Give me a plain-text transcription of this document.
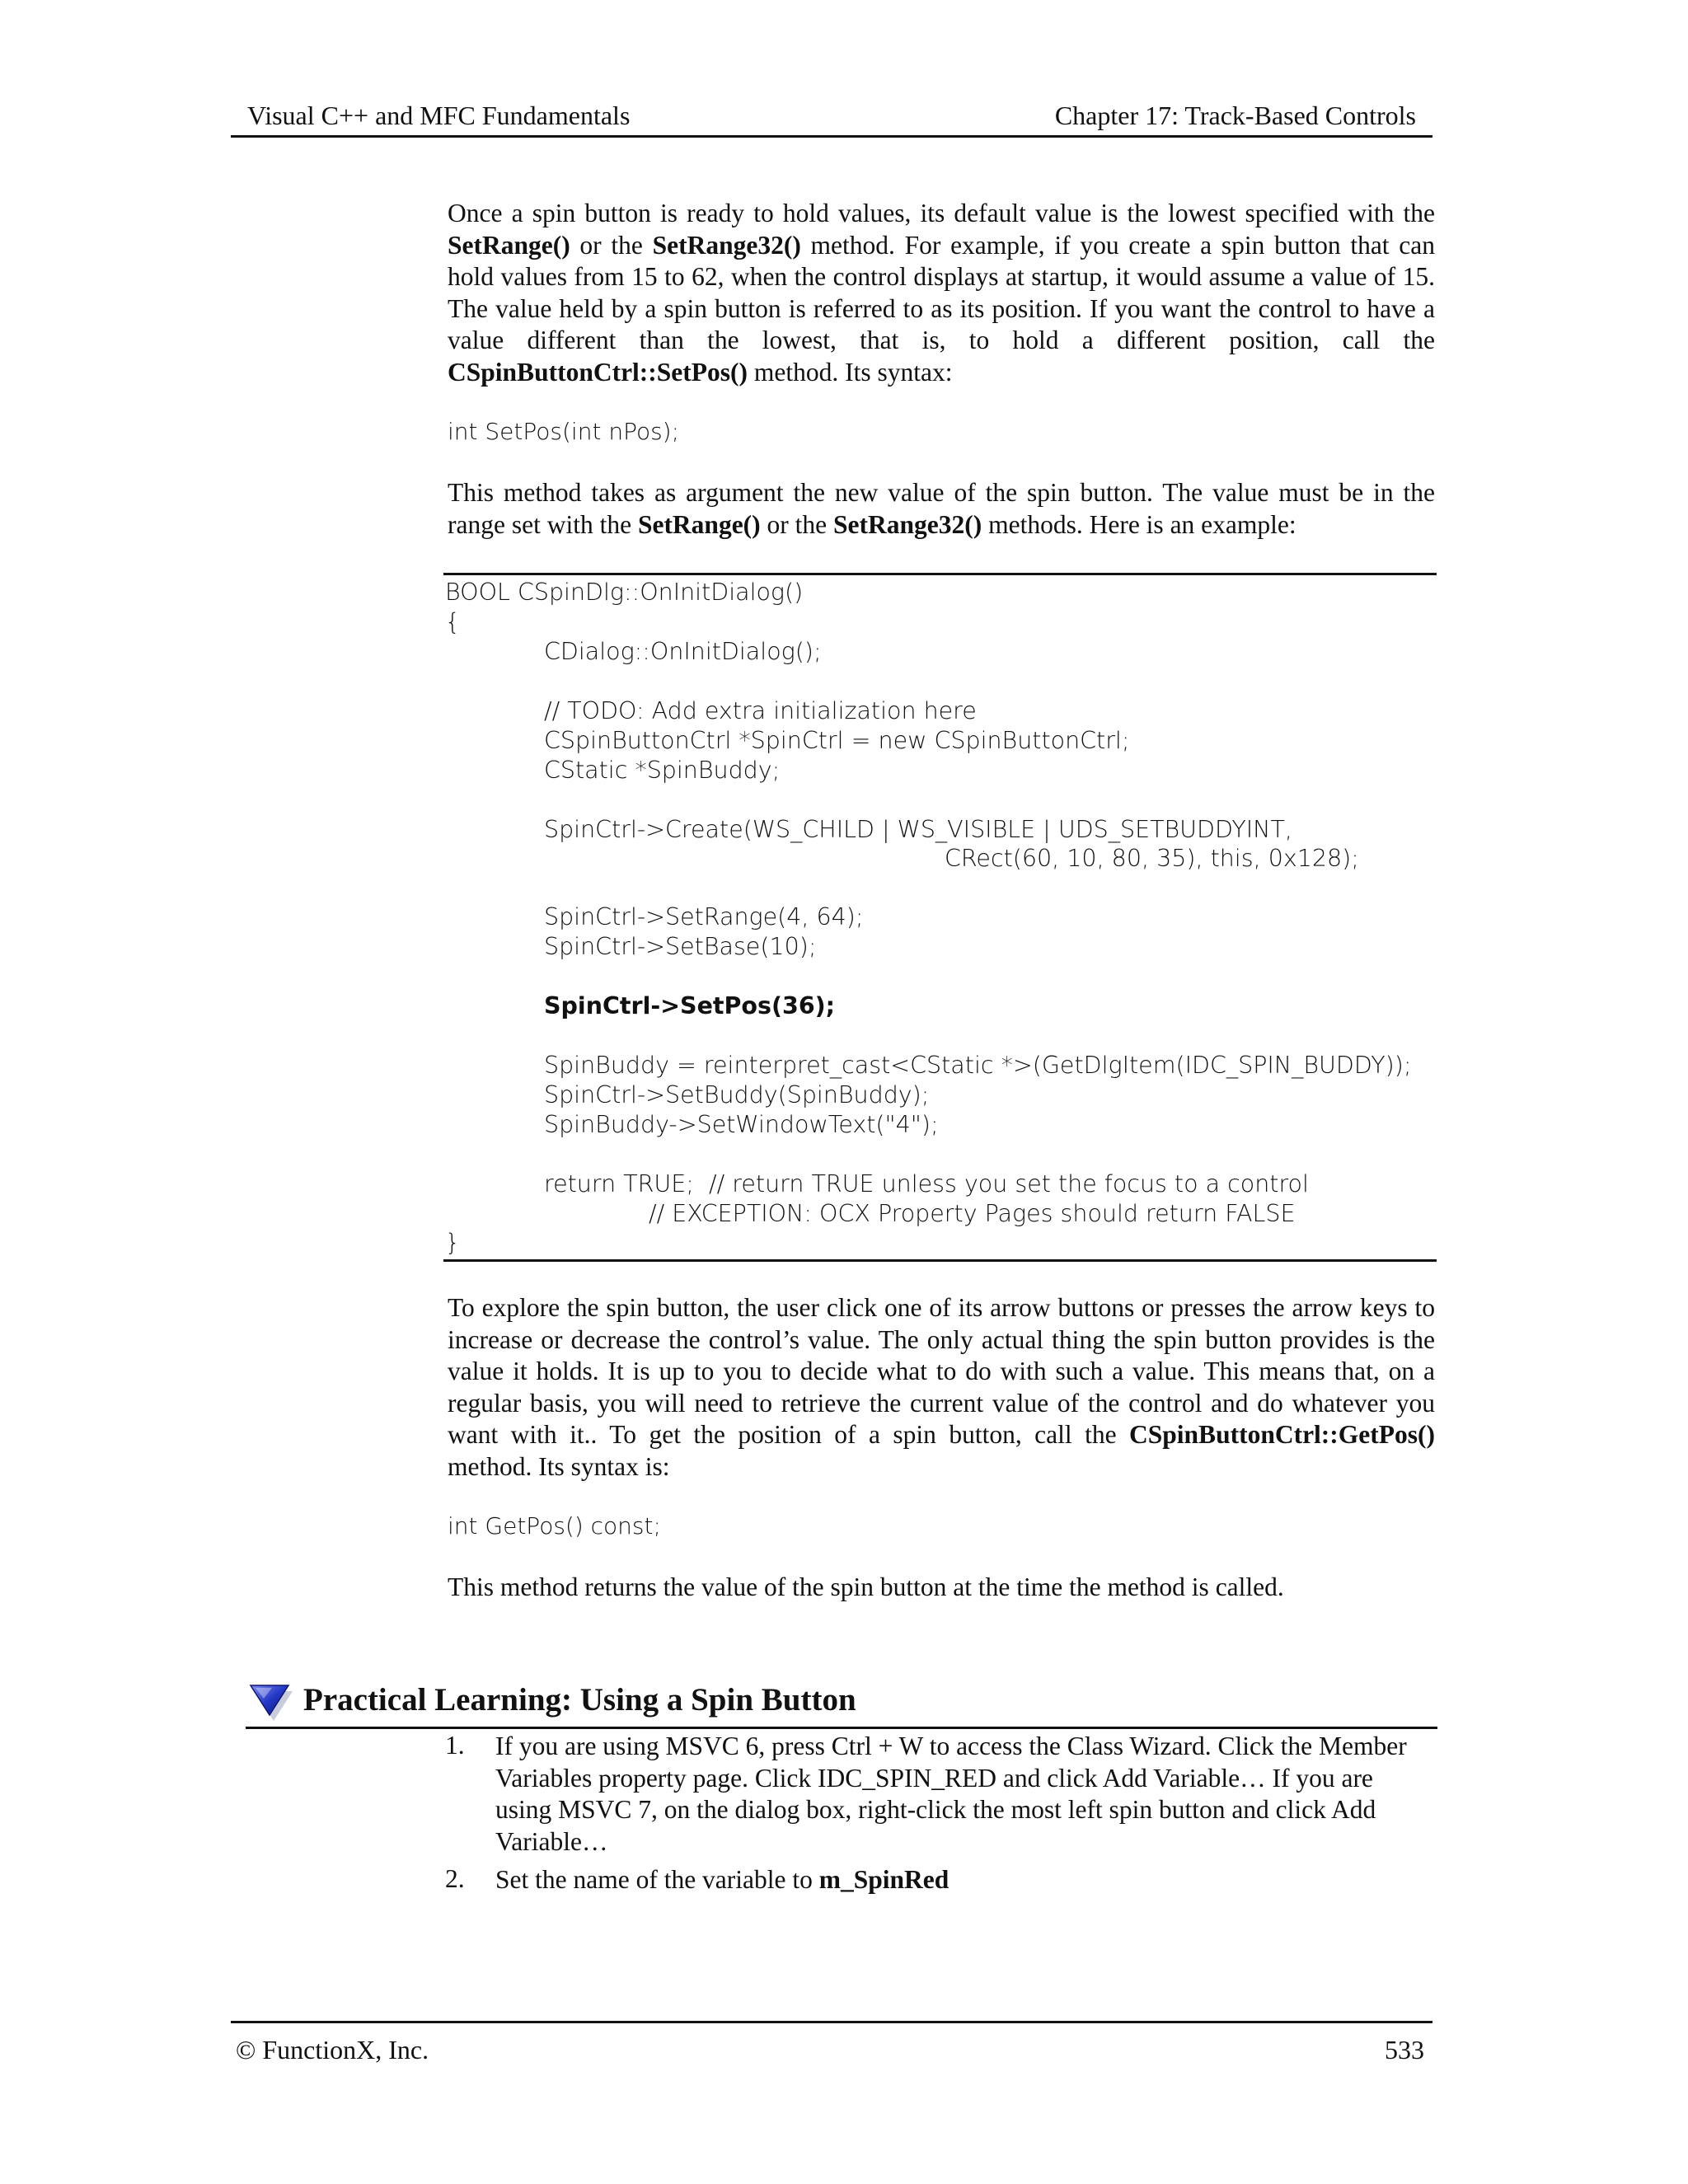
Visual C++ and MFC Fundamentals	Chapter 17: Track-Based Controls
Once a spin button is ready to hold values, its default value is the lowest specified with the SetRange() or the SetRange32() method. For example, if you create a spin button that can hold values from 15 to 62, when the control displays at startup, it would assume a value of 15. The value held by a spin button is referred to as its position. If you want the control to have a value different than the lowest, that is, to hold a different position, call the CSpinButtonCtrl::SetPos() method. Its syntax:
int SetPos(int nPos);
This method takes as argument the new value of the spin button. The value must be in the range set with the SetRange() or the SetRange32() methods. Here is an example:
BOOL CSpinDlg::OnInitDialog()
{
CDialog::OnInitDialog();
// TODO: Add extra initialization here
CSpinButtonCtrl *SpinCtrl = new CSpinButtonCtrl;
CStatic *SpinBuddy;
SpinCtrl->Create(WS_CHILD | WS_VISIBLE | UDS_SETBUDDYINT,
CRect(60, 10, 80, 35), this, 0x128);
SpinCtrl->SetRange(4, 64);
SpinCtrl->SetBase(10);
SpinCtrl->SetPos(36);
SpinBuddy = reinterpret_cast<CStatic *>(GetDlgItem(IDC_SPIN_BUDDY));
SpinCtrl->SetBuddy(SpinBuddy);
SpinBuddy->SetWindowText("4");
return TRUE;  // return TRUE unless you set the focus to a control
// EXCEPTION: OCX Property Pages should return FALSE
}
To explore the spin button, the user click one of its arrow buttons or presses the arrow keys to increase or decrease the control’s value. The only actual thing the spin button provides is the value it holds. It is up to you to decide what to do with such a value. This means that, on a regular basis, you will need to retrieve the current value of the control and do whatever you want with it.. To get the position of a spin button, call the CSpinButtonCtrl::GetPos() method. Its syntax is:
int GetPos() const;
This method returns the value of the spin button at the time the method is called.
Practical Learning: Using a Spin Button
1. If you are using MSVC 6, press Ctrl + W to access the Class Wizard. Click the Member Variables property page. Click IDC_SPIN_RED and click Add Variable… If you are using MSVC 7, on the dialog box, right-click the most left spin button and click Add Variable…
2. Set the name of the variable to m_SpinRed
© FunctionX, Inc.	533
